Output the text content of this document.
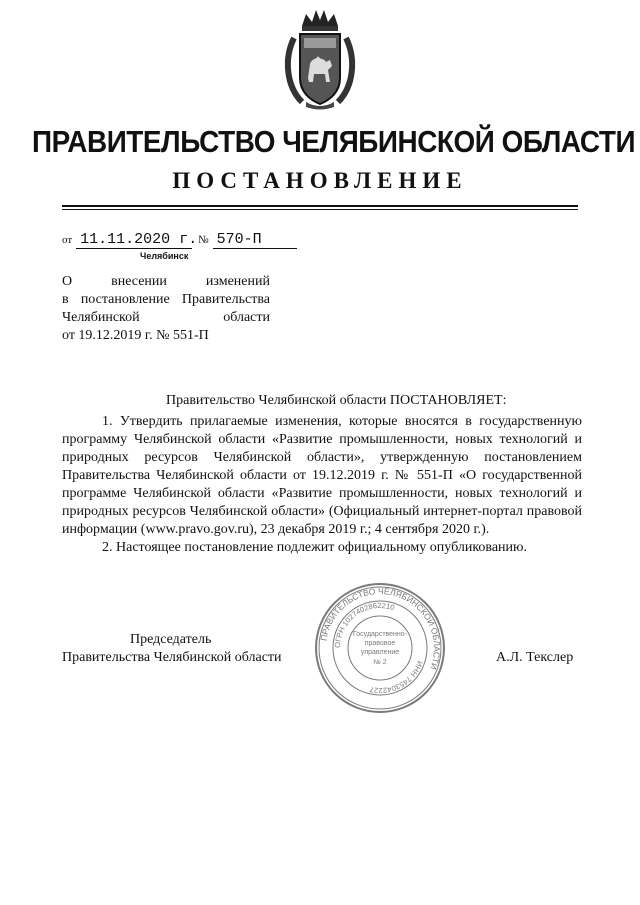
ПРАВИТЕЛЬСТВО ЧЕЛЯБИНСКОЙ ОБЛАСТИ
ПОСТАНОВЛЕНИЕ
от 11.11.2020 г.№ 570-П
Челябинск
О внесении изменений
в постановление Правительства
Челябинской области
от 19.12.2019 г. № 551-П
Правительство Челябинской области ПОСТАНОВЛЯЕТ:

1. Утвердить прилагаемые изменения, которые вносятся в государственную программу Челябинской области «Развитие промышленности, новых технологий и природных ресурсов Челябинской области», утвержденную постановлением Правительства Челябинской области от 19.12.2019 г. № 551-П «О государственной программе Челябинской области «Развитие промышленности, новых технологий и природных ресурсов Челябинской области» (Официальный интернет-портал правовой информации (www.pravo.gov.ru), 23 декабря 2019 г.; 4 сентября 2020 г.).

2. Настоящее постановление подлежит официальному опубликованию.

ПРАВИТЕЛЬСТВО ЧЕЛЯБИНСКОЙ ОБЛАСТИ
ОГРН 1027402862210
ИНН 7453042227
Государственно-
правовое
управление
№ 2
Председатель
Правительства Челябинской области	А.Л. Текслер
